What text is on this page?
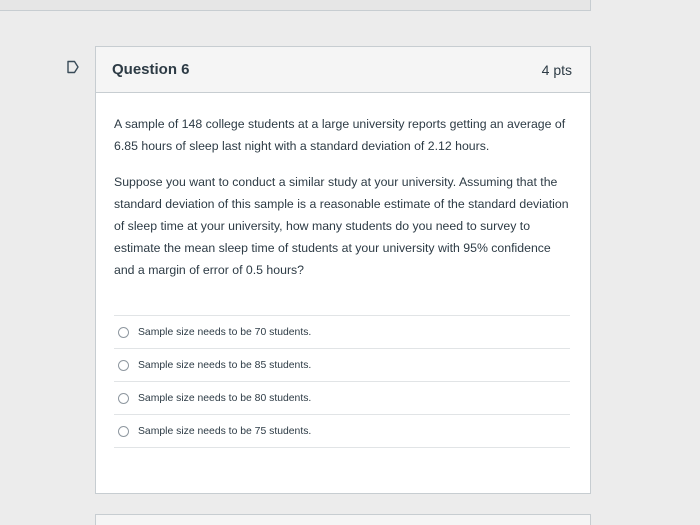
Question 6	4 pts

A sample of 148 college students at a large university reports getting an average of 6.85 hours of sleep last night with a standard deviation of 2.12 hours.

Suppose you want to conduct a similar study at your university. Assuming that the standard deviation of this sample is a reasonable estimate of the standard deviation of sleep time at your university, how many students do you need to survey to estimate the mean sleep time of students at your university with 95% confidence and a margin of error of 0.5 hours?

Sample size needs to be 70 students.
Sample size needs to be 85 students.
Sample size needs to be 80 students.
Sample size needs to be 75 students.
